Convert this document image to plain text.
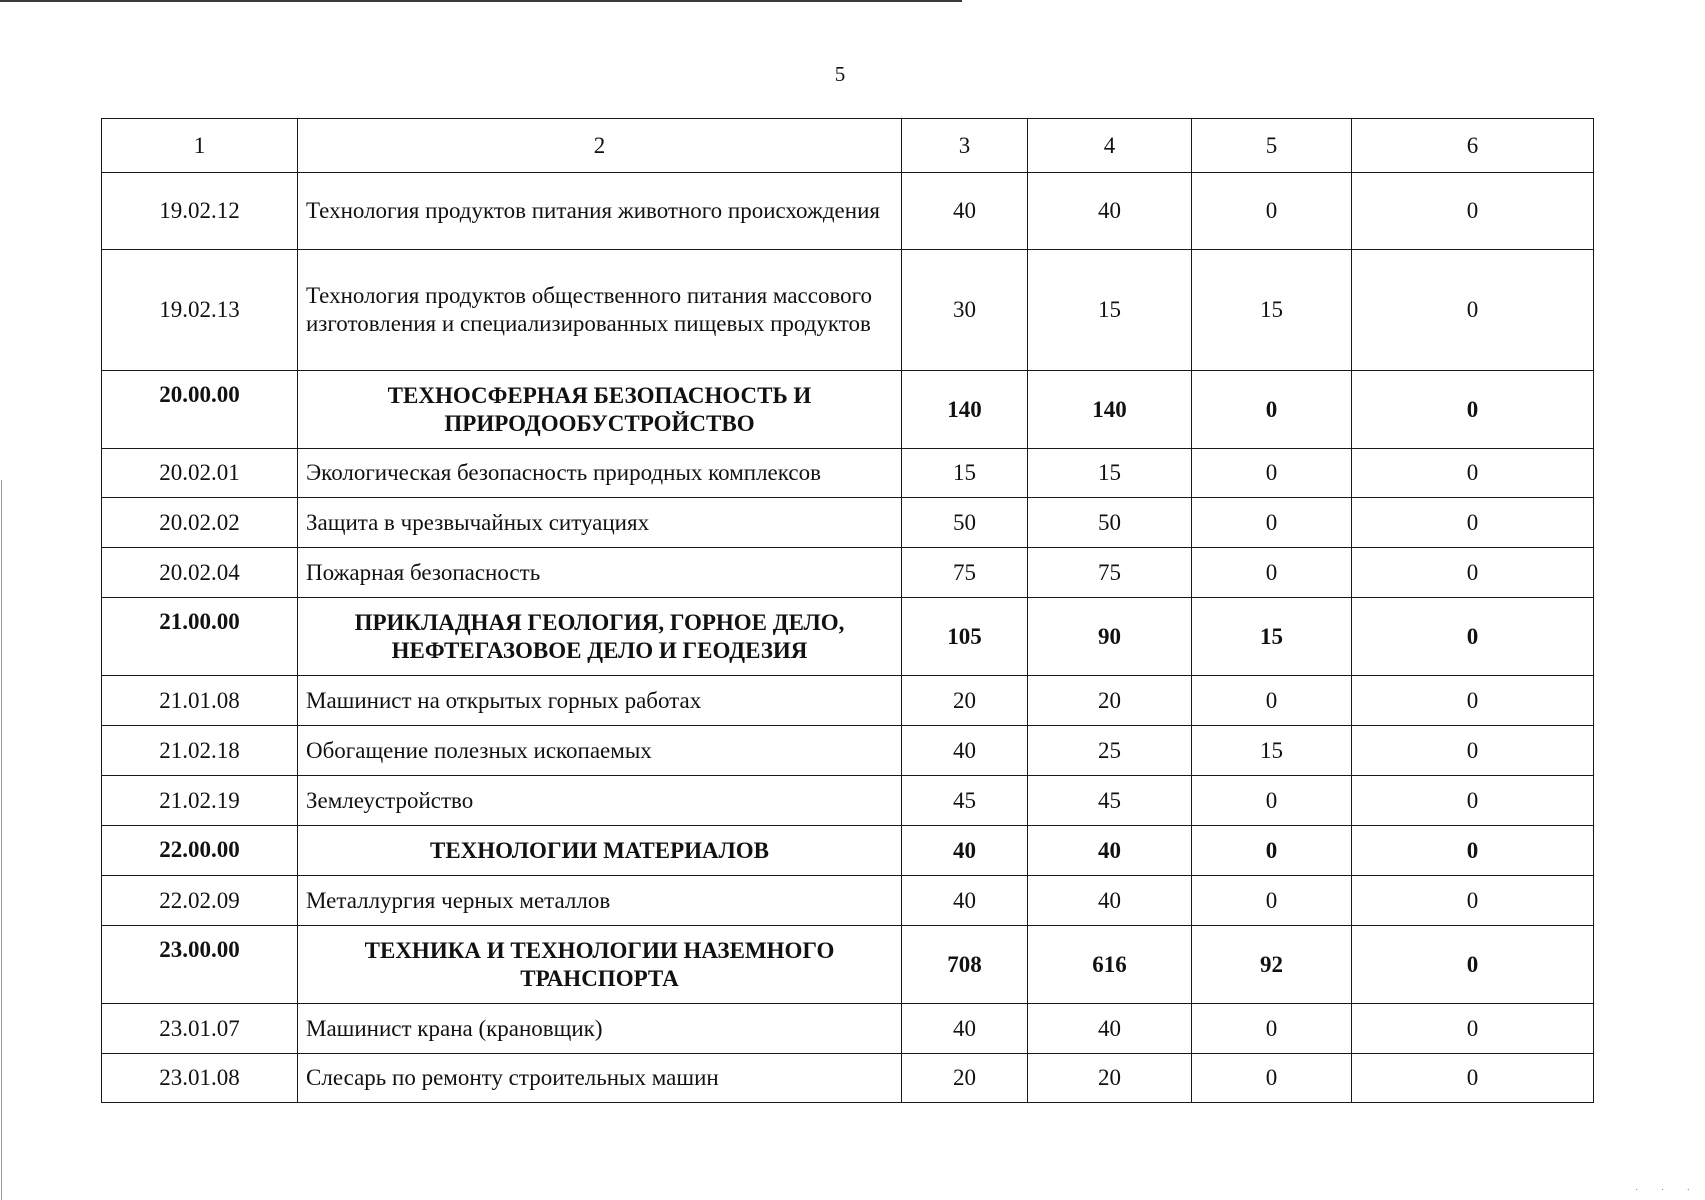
5
1	2	3	4	5	6
19.02.12	Технология продуктов питания животного происхождения	40	40	0	0
19.02.13	Технология продуктов общественного питания массового изготовления и специализированных пищевых продуктов	30	15	15	0
20.00.00	ТЕХНОСФЕРНАЯ БЕЗОПАСНОСТЬ И ПРИРОДООБУСТРОЙСТВО	140	140	0	0
20.02.01	Экологическая безопасность природных комплексов	15	15	0	0
20.02.02	Защита в чрезвычайных ситуациях	50	50	0	0
20.02.04	Пожарная безопасность	75	75	0	0
21.00.00	ПРИКЛАДНАЯ ГЕОЛОГИЯ, ГОРНОЕ ДЕЛО, НЕФТЕГАЗОВОЕ ДЕЛО И ГЕОДЕЗИЯ	105	90	15	0
21.01.08	Машинист на открытых горных работах	20	20	0	0
21.02.18	Обогащение полезных ископаемых	40	25	15	0
21.02.19	Землеустройство	45	45	0	0
22.00.00	ТЕХНОЛОГИИ МАТЕРИАЛОВ	40	40	0	0
22.02.09	Металлургия черных металлов	40	40	0	0
23.00.00	ТЕХНИКА И ТЕХНОЛОГИИ НАЗЕМНОГО ТРАНСПОРТА	708	616	92	0
23.01.07	Машинист крана (крановщик)	40	40	0	0
23.01.08	Слесарь по ремонту строительных машин	20	20	0	0
· · ·
